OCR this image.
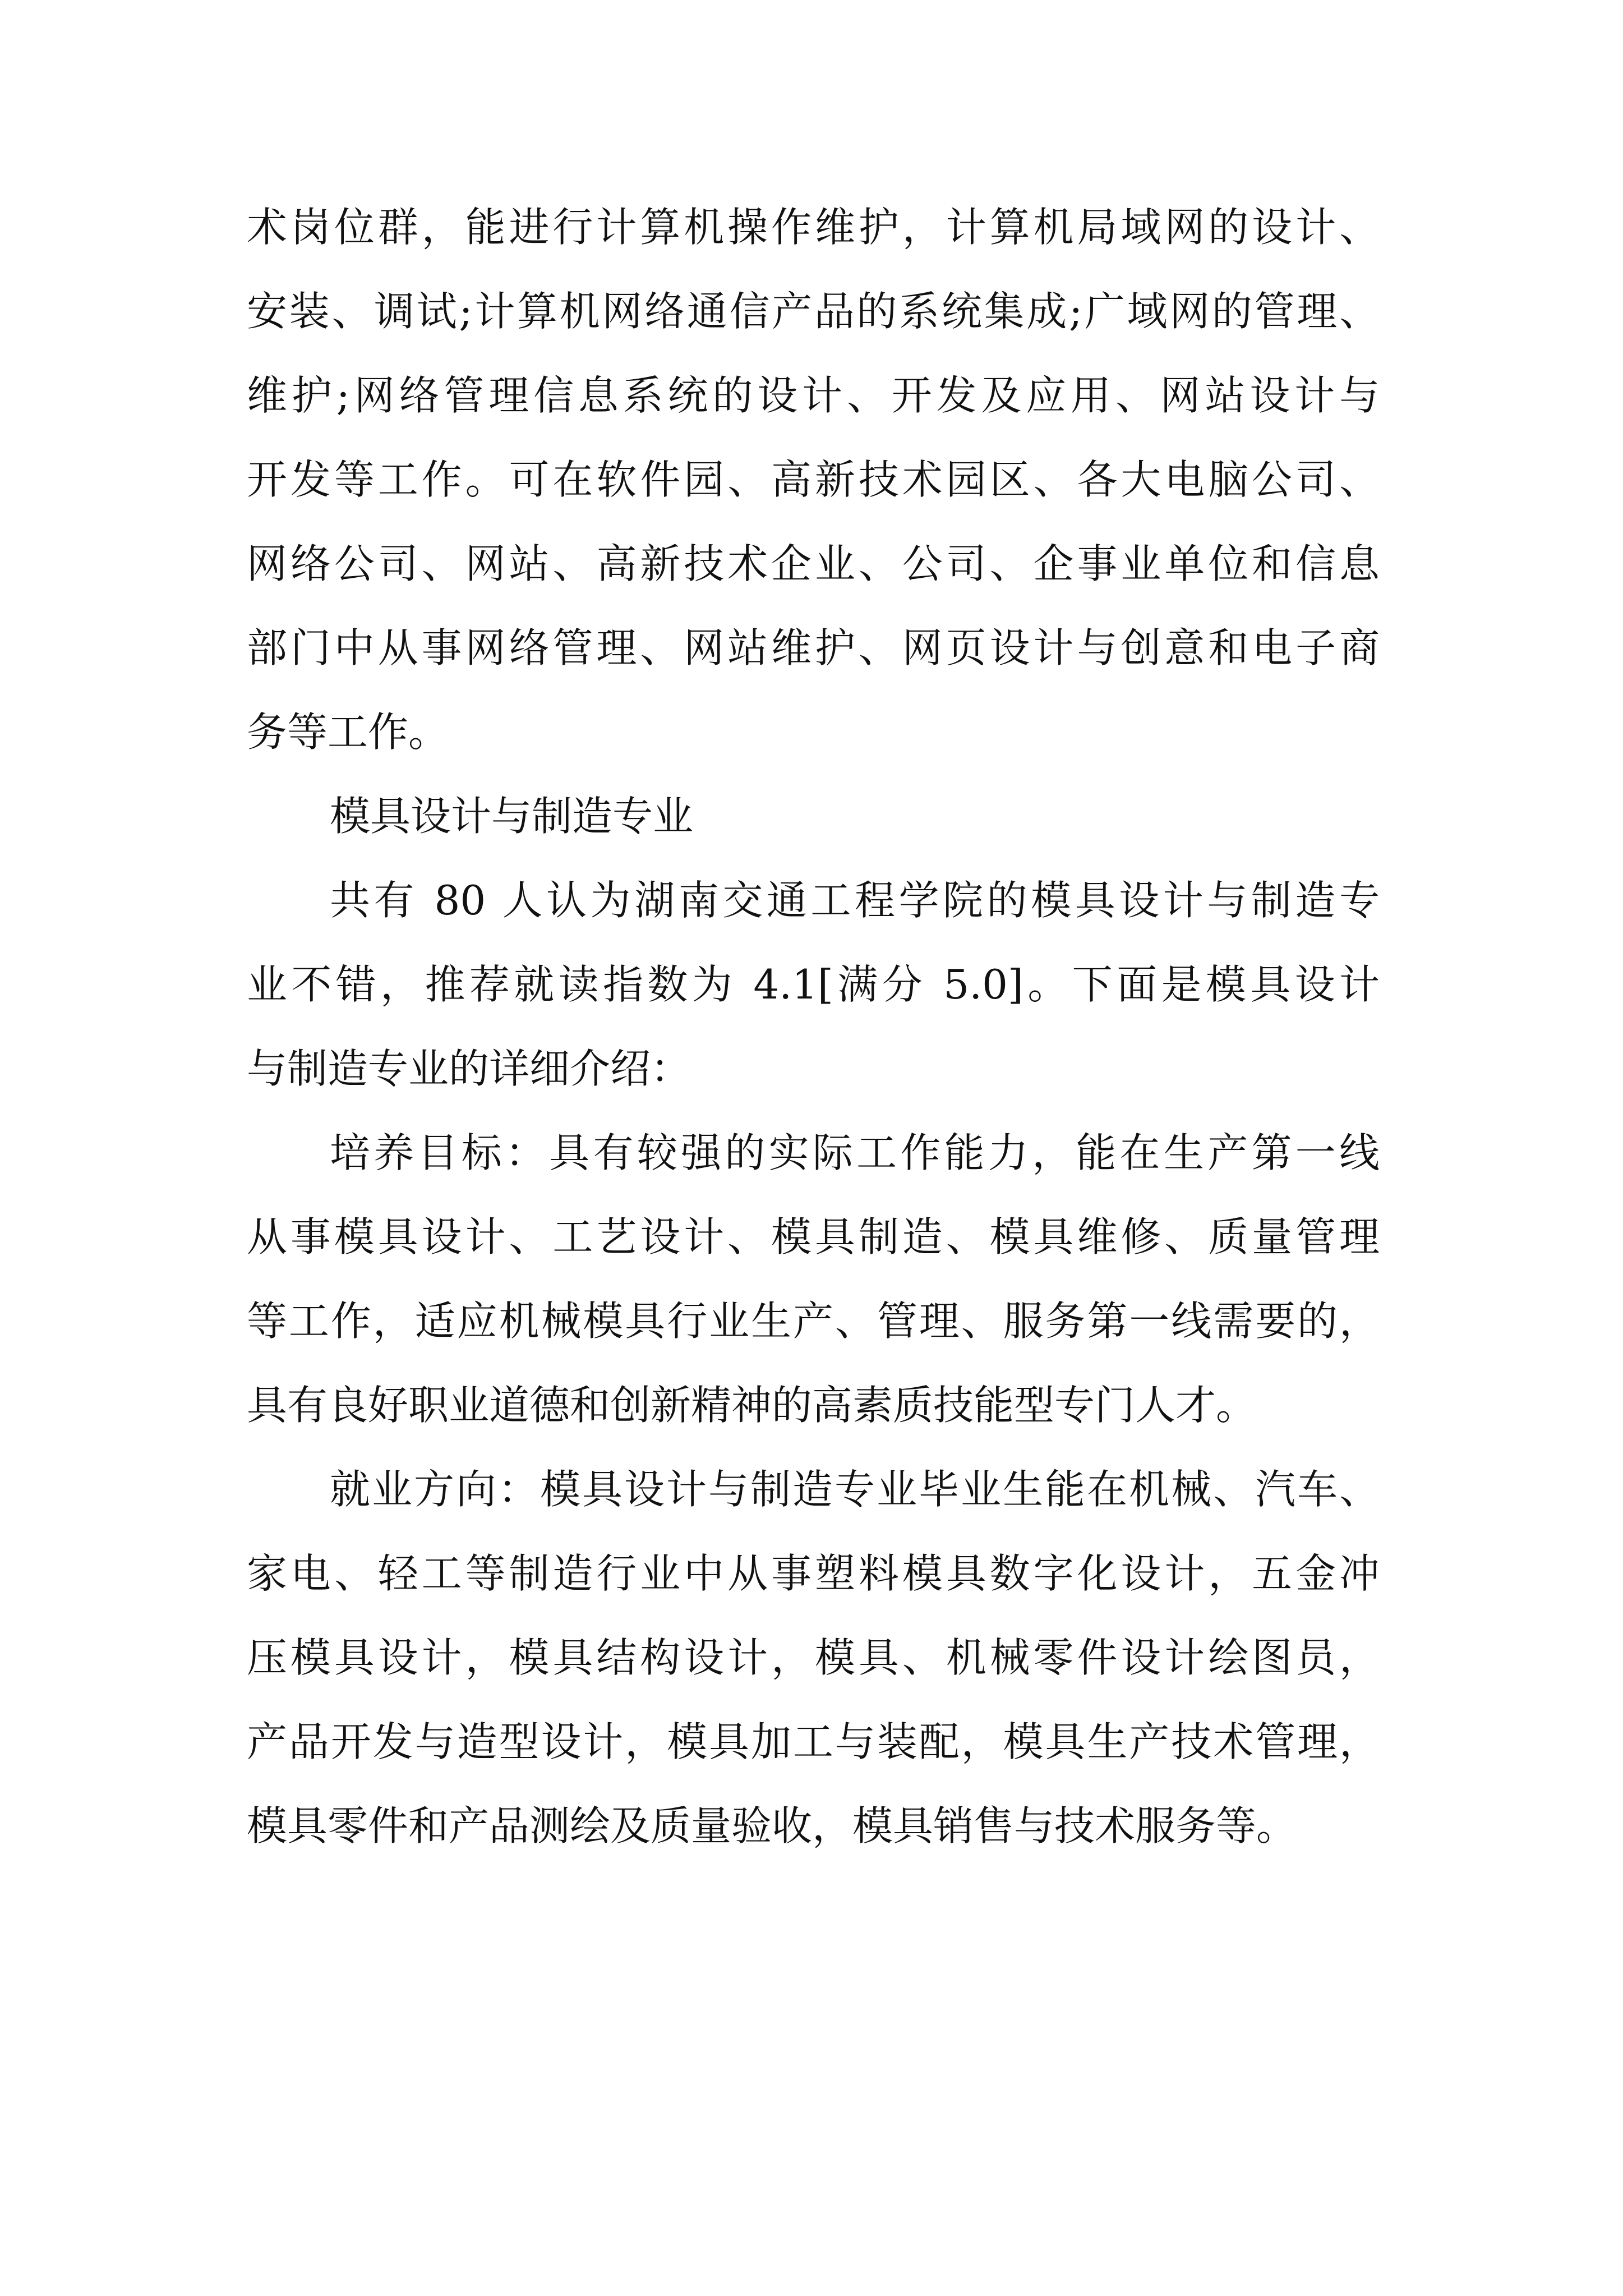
术岗位群，能进行计算机操作维护，计算机局域网的设计、
安装、调试;计算机网络通信产品的系统集成;广域网的管理、
维护;网络管理信息系统的设计、开发及应用、网站设计与
开发等工作。可在软件园、高新技术园区、各大电脑公司、
网络公司、网站、高新技术企业、公司、企事业单位和信息
部门中从事网络管理、网站维护、网页设计与创意和电子商
务等工作。
模具设计与制造专业
共有 80 人认为湖南交通工程学院的模具设计与制造专
业不错，推荐就读指数为 4.1[满分 5.0]。下面是模具设计
与制造专业的详细介绍：
培养目标：具有较强的实际工作能力，能在生产第一线
从事模具设计、工艺设计、模具制造、模具维修、质量管理
等工作，适应机械模具行业生产、管理、服务第一线需要的，
具有良好职业道德和创新精神的高素质技能型专门人才。
就业方向：模具设计与制造专业毕业生能在机械、汽车、
家电、轻工等制造行业中从事塑料模具数字化设计，五金冲
压模具设计，模具结构设计，模具、机械零件设计绘图员，
产品开发与造型设计，模具加工与装配，模具生产技术管理，
模具零件和产品测绘及质量验收，模具销售与技术服务等。
